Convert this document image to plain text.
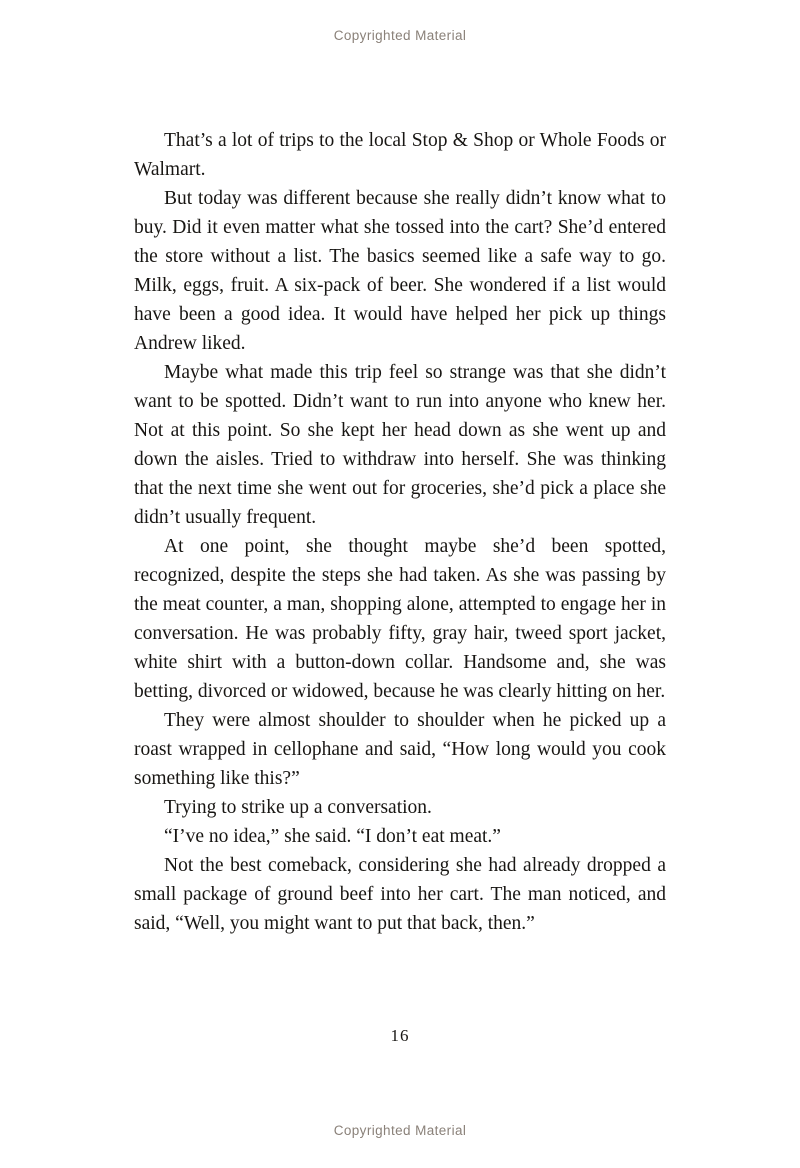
Copyrighted Material

That’s a lot of trips to the local Stop & Shop or Whole Foods or Walmart.

But today was different because she really didn’t know what to buy. Did it even matter what she tossed into the cart? She’d entered the store without a list. The basics seemed like a safe way to go. Milk, eggs, fruit. A six-pack of beer. She wondered if a list would have been a good idea. It would have helped her pick up things Andrew liked.

Maybe what made this trip feel so strange was that she didn’t want to be spotted. Didn’t want to run into anyone who knew her. Not at this point. So she kept her head down as she went up and down the aisles. Tried to withdraw into herself. She was thinking that the next time she went out for groceries, she’d pick a place she didn’t usually frequent.

At one point, she thought maybe she’d been spotted, recognized, despite the steps she had taken. As she was passing by the meat counter, a man, shopping alone, attempted to engage her in conversation. He was probably fifty, gray hair, tweed sport jacket, white shirt with a button-down collar. Handsome and, she was betting, divorced or widowed, because he was clearly hitting on her.

They were almost shoulder to shoulder when he picked up a roast wrapped in cellophane and said, “How long would you cook something like this?”

Trying to strike up a conversation.

“I’ve no idea,” she said. “I don’t eat meat.”

Not the best comeback, considering she had already dropped a small package of ground beef into her cart. The man noticed, and said, “Well, you might want to put that back, then.”

16
Copyrighted Material
